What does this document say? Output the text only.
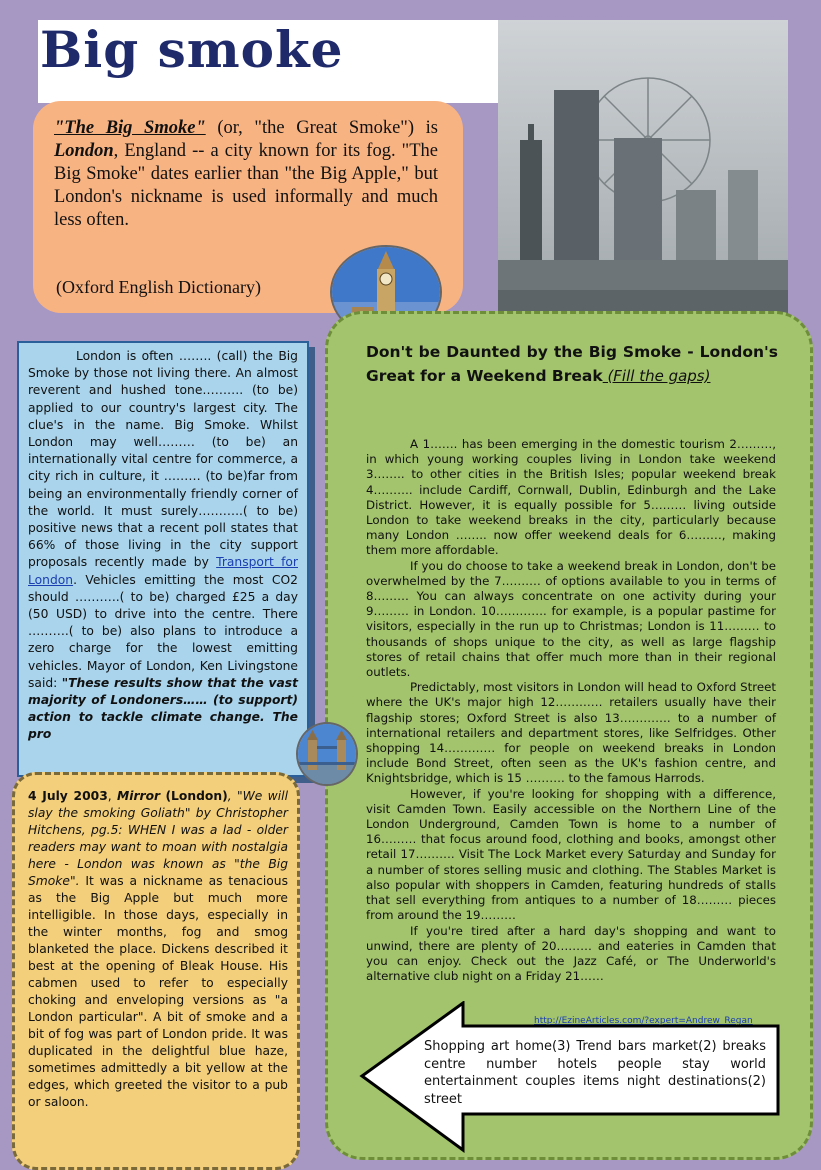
Big smoke
"The Big Smoke" (or, "the Great Smoke") is London, England -- a city known for its fog. "The Big Smoke" dates earlier than "the Big Apple," but London's nickname is used informally and much less often.
(Oxford English Dictionary)

London is often …….. (call) the Big Smoke by those not living there. An almost reverent and hushed tone………. (to be) applied to our country's largest city. The clue's in the name. Big Smoke. Whilst London may well……… (to be) an internationally vital centre for commerce, a city rich in culture, it ……… (to be)far from being an environmentally friendly corner of the world. It must surely………..( to be) positive news that a recent poll states that 66% of those living in the city support proposals recently made by Transport for London. Vehicles emitting the most CO2 should ………..( to be) charged £25 a day (50 USD) to drive into the centre. There ……….( to be) also plans to introduce a zero charge for the lowest emitting vehicles. Mayor of London, Ken Livingstone said: "These results show that the vast majority of Londoners…… (to support) action to tackle climate change. The pro

Don't be Daunted by the Big Smoke - London's Great for a Weekend Break (Fill the gaps)

A 1……. has been emerging in the domestic tourism 2………, in which young working couples living in London take weekend 3…….. to other cities in the British Isles; popular weekend break 4………. include Cardiff, Cornwall, Dublin, Edinburgh and the Lake District. However, it is equally possible for 5……… living outside London to take weekend breaks in the city, particularly because many London …….. now offer weekend deals for 6………, making them more affordable.

If you do choose to take a weekend break in London, don't be overwhelmed by the 7………. of options available to you in terms of 8……… You can always concentrate on one activity during your 9……… in London. 10…………. for example, is a popular pastime for visitors, especially in the run up to Christmas; London is 11……… to thousands of shops unique to the city, as well as large flagship stores of retail chains that offer much more than in their regional outlets.

Predictably, most visitors in London will head to Oxford Street where the UK's major high 12………… retailers usually have their flagship stores; Oxford Street is also 13…………. to a number of international retailers and department stores, like Selfridges. Other shopping 14…………. for people on weekend breaks in London include Bond Street, often seen as the UK's fashion centre, and Knightsbridge, which is 15 ………. to the famous Harrods.

However, if you're looking for shopping with a difference, visit Camden Town. Easily accessible on the Northern Line of the London Underground, Camden Town is home to a number of 16……… that focus around food, clothing and books, amongst other retail 17………. Visit The Lock Market every Saturday and Sunday for a number of stores selling music and clothing. The Stables Market is also popular with shoppers in Camden, featuring hundreds of stalls that sell everything from antiques to a number of 18……… pieces from around the 19………

If you're tired after a hard day's shopping and want to unwind, there are plenty of 20……… and eateries in Camden that you can enjoy. Check out the Jazz Café, or The Underworld's alternative club night on a Friday 21……

http://EzineArticles.com/?expert=Andrew_Regan
4 July 2003, Mirror (London), "We will slay the smoking Goliath" by Christopher Hitchens, pg.5: WHEN I was a lad - older readers may want to moan with nostalgia here - London was known as "the Big Smoke". It was a nickname as tenacious as the Big Apple but much more intelligible. In those days, especially in the winter months, fog and smog blanketed the place. Dickens described it best at the opening of Bleak House. His cabmen used to refer to especially choking and enveloping versions as "a London particular". A bit of smoke and a bit of fog was part of London pride. It was duplicated in the delightful blue haze, sometimes admittedly a bit yellow at the edges, which greeted the visitor to a pub or saloon.
Shopping art home(3) Trend bars market(2) breaks centre number hotels people stay world entertainment couples items night destinations(2) street
